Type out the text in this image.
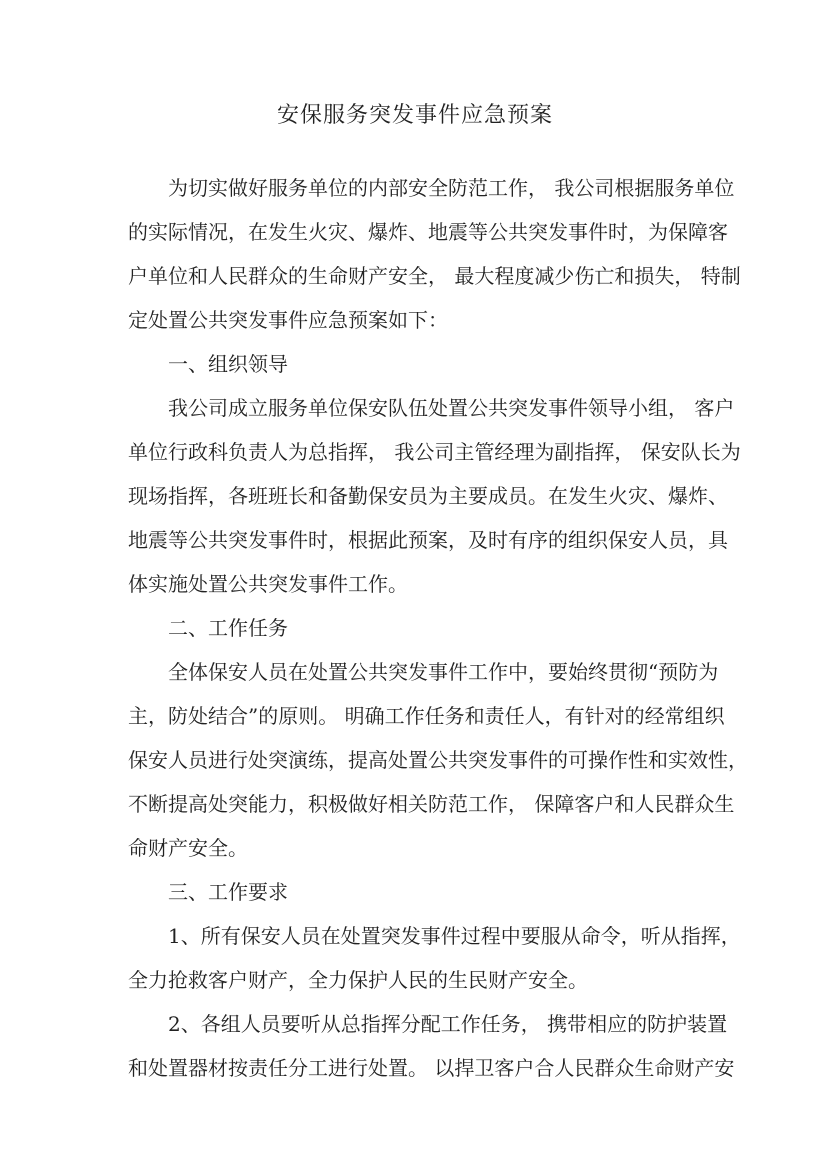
安保服务突发事件应急预案
为切实做好服务单位的内部安全防范工作， 我公司根据服务单位
的实际情况，在发生火灾、爆炸、地震等公共突发事件时，为保障客
户单位和人民群众的生命财产安全， 最大程度减少伤亡和损失， 特制
定处置公共突发事件应急预案如下：
一、组织领导
我公司成立服务单位保安队伍处置公共突发事件领导小组， 客户
单位行政科负责人为总指挥， 我公司主管经理为副指挥， 保安队长为
现场指挥，各班班长和备勤保安员为主要成员。在发生火灾、爆炸、
地震等公共突发事件时，根据此预案，及时有序的组织保安人员，具
体实施处置公共突发事件工作。
二、工作任务
全体保安人员在处置公共突发事件工作中，要始终贯彻“预防为
主，防处结合”的原则。 明确工作任务和责任人，有针对的经常组织
保安人员进行处突演练，提高处置公共突发事件的可操作性和实效性，
不断提高处突能力，积极做好相关防范工作， 保障客户和人民群众生
命财产安全。
三、工作要求
1、所有保安人员在处置突发事件过程中要服从命令，听从指挥，
全力抢救客户财产，全力保护人民的生民财产安全。
2、各组人员要听从总指挥分配工作任务， 携带相应的防护装置
和处置器材按责任分工进行处置。 以捍卫客户合人民群众生命财产安
